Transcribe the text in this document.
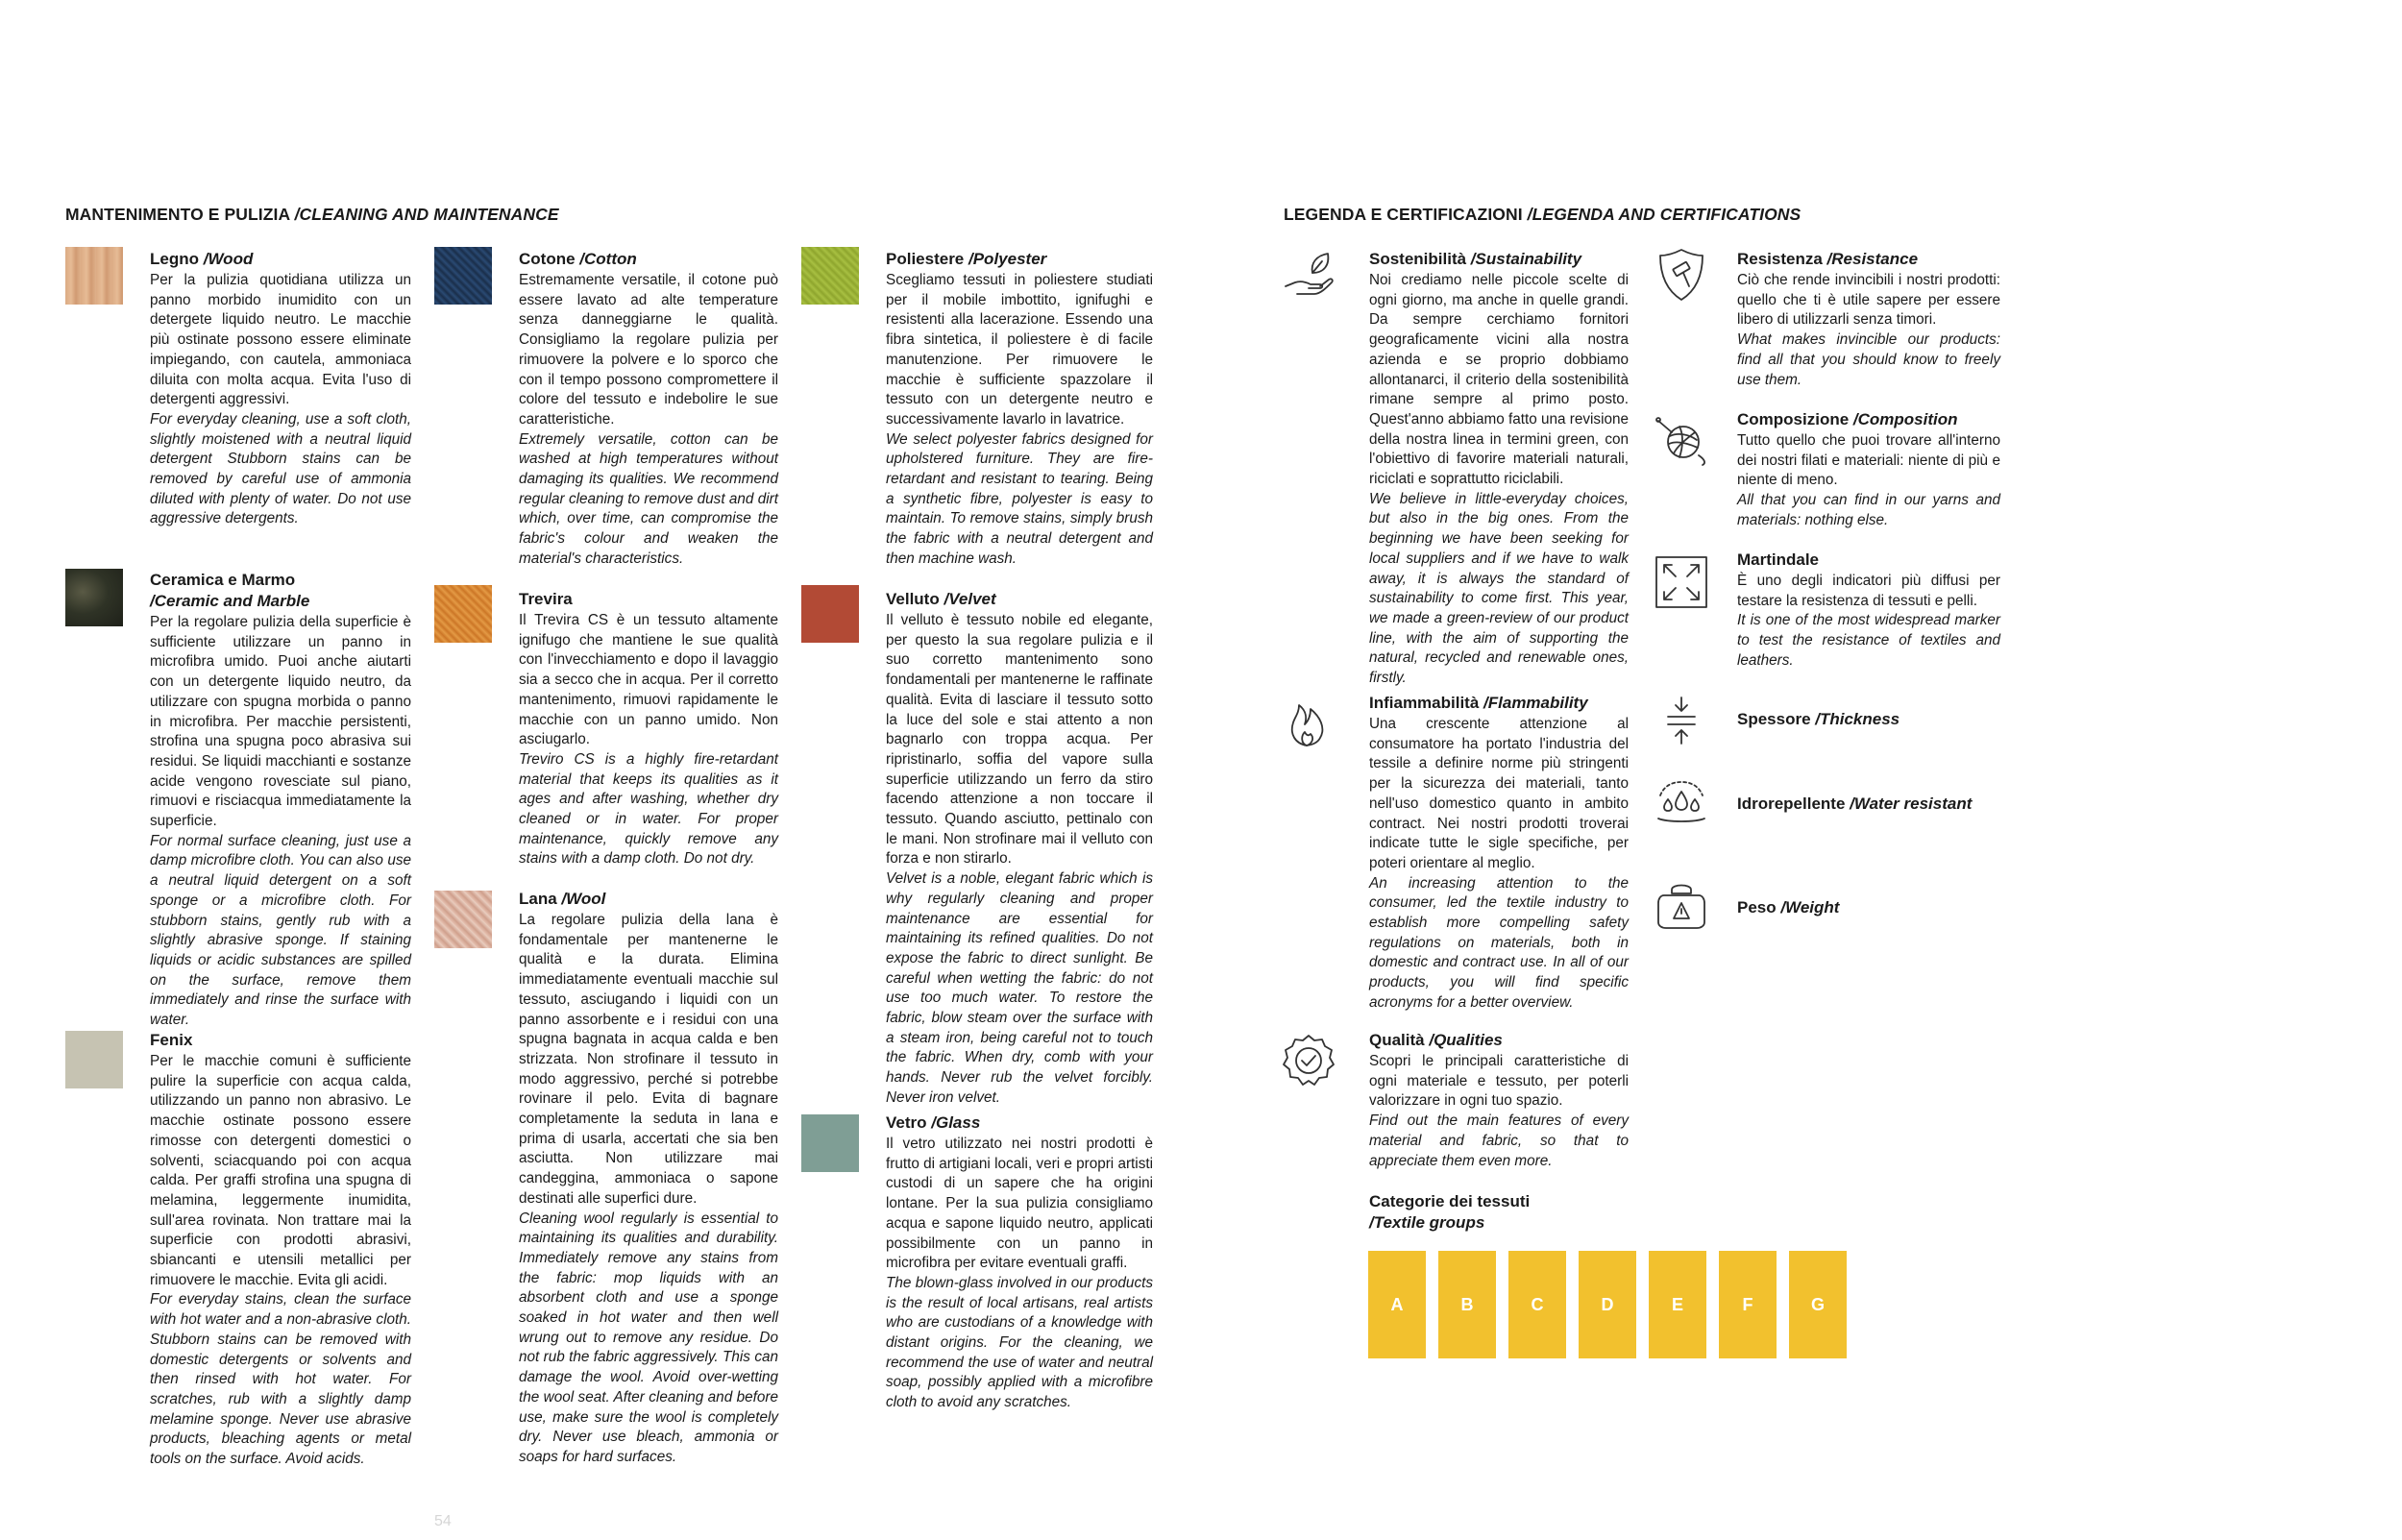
MANTENIMENTO E PULIZIA /CLEANING AND MAINTENANCE	LEGENDA E CERTIFICAZIONI /LEGENDA AND CERTIFICATIONS
Legno /Wood

Per la pulizia quotidiana utilizza un panno morbido inumidito con un detergete liquido neutro. Le macchie più ostinate possono essere eliminate impiegando, con cautela, ammoniaca diluita con molta acqua. Evita l'uso di detergenti aggressivi.

For everyday cleaning, use a soft cloth, slightly moistened with a neutral liquid detergent Stubborn stains can be removed by careful use of ammonia diluted with plenty of water. Do not use aggressive detergents.

Ceramica e Marmo
/Ceramic and Marble

Per la regolare pulizia della superficie è sufficiente utilizzare un panno in microfibra umido. Puoi anche aiutarti con un detergente liquido neutro, da utilizzare con spugna morbida o panno in microfibra. Per macchie persistenti, strofina una spugna poco abrasiva sui residui. Se liquidi macchianti e sostanze acide vengono rovesciate sul piano, rimuovi e risciacqua immediatamente la superficie.

For normal surface cleaning, just use a damp microfibre cloth. You can also use a neutral liquid detergent on a soft sponge or a microfibre cloth. For stubborn stains, gently rub with a slightly abrasive sponge. If staining liquids or acidic substances are spilled on the surface, remove them immediately and rinse the surface with water.

Fenix

Per le macchie comuni è sufficiente pulire la superficie con acqua calda, utilizzando un panno non abrasivo. Le macchie ostinate possono essere rimosse con detergenti domestici o solventi, sciacquando poi con acqua calda. Per graffi strofina una spugna di melamina, leggermente inumidita, sull'area rovinata. Non trattare mai la superficie con prodotti abrasivi, sbiancanti e utensili metallici per rimuovere le macchie. Evita gli acidi.

For everyday stains, clean the surface with hot water and a non-abrasive cloth. Stubborn stains can be removed with domestic detergents or solvents and then rinsed with hot water. For scratches, rub with a slightly damp melamine sponge. Never use abrasive products, bleaching agents or metal tools on the surface. Avoid acids.

Cotone /Cotton

Estremamente versatile, il cotone può essere lavato ad alte temperature senza danneggiarne le qualità. Consigliamo la regolare pulizia per rimuovere la polvere e lo sporco che con il tempo possono compromettere il colore del tessuto e indebolire le sue caratteristiche.

Extremely versatile, cotton can be washed at high temperatures without damaging its qualities. We recommend regular cleaning to remove dust and dirt which, over time, can compromise the fabric's colour and weaken the material's characteristics.

Trevira

Il Trevira CS è un tessuto altamente ignifugo che mantiene le sue qualità con l'invecchiamento e dopo il lavaggio sia a secco che in acqua. Per il corretto mantenimento, rimuovi rapidamente le macchie con un panno umido. Non asciugarlo.

Treviro CS is a highly fire-retardant material that keeps its qualities as it ages and after washing, whether dry cleaned or in water. For proper maintenance, quickly remove any stains with a damp cloth. Do not dry.

Lana /Wool

La regolare pulizia della lana è fondamentale per mantenerne le qualità e la durata. Elimina immediatamente eventuali macchie sul tessuto, asciugando i liquidi con un panno assorbente e i residui con una spugna bagnata in acqua calda e ben strizzata. Non strofinare il tessuto in modo aggressivo, perché si potrebbe rovinare il pelo. Evita di bagnare completamente la seduta in lana e prima di usarla, accertati che sia ben asciutta. Non utilizzare mai candeggina, ammoniaca o sapone destinati alle superfici dure.

Cleaning wool regularly is essential to maintaining its qualities and durability. Immediately remove any stains from the fabric: mop liquids with an absorbent cloth and use a sponge soaked in hot water and then well wrung out to remove any residue. Do not rub the fabric aggressively. This can damage the wool. Avoid over-wetting the wool seat. After cleaning and before use, make sure the wool is completely dry. Never use bleach, ammonia or soaps for hard surfaces.

Poliestere /Polyester

Scegliamo tessuti in poliestere studiati per il mobile imbottito, ignifughi e resistenti alla lacerazione. Essendo una fibra sintetica, il poliestere è di facile manutenzione. Per rimuovere le macchie è sufficiente spazzolare il tessuto con un detergente neutro e successivamente lavarlo in lavatrice.

We select polyester fabrics designed for upholstered furniture. They are fire-retardant and resistant to tearing. Being a synthetic fibre, polyester is easy to maintain. To remove stains, simply brush the fabric with a neutral detergent and then machine wash.

Velluto /Velvet

Il velluto è tessuto nobile ed elegante, per questo la sua regolare pulizia e il suo corretto mantenimento sono fondamentali per mantenerne le raffinate qualità. Evita di lasciare il tessuto sotto la luce del sole e stai attento a non bagnarlo con troppa acqua. Per ripristinarlo, soffia del vapore sulla superficie utilizzando un ferro da stiro facendo attenzione a non toccare il tessuto. Quando asciutto, pettinalo con le mani. Non strofinare mai il velluto con forza e non stirarlo.

Velvet is a noble, elegant fabric which is why regularly cleaning and proper maintenance are essential for maintaining its refined qualities. Do not expose the fabric to direct sunlight. Be careful when wetting the fabric: do not use too much water. To restore the fabric, blow steam over the surface with a steam iron, being careful not to touch the fabric. When dry, comb with your hands. Never rub the velvet forcibly. Never iron velvet.

Vetro /Glass

Il vetro utilizzato nei nostri prodotti è frutto di artigiani locali, veri e propri artisti custodi di un sapere che ha origini lontane. Per la sua pulizia consigliamo acqua e sapone liquido neutro, applicati possibilmente con un panno in microfibra per evitare eventuali graffi.

The blown-glass involved in our products is the result of local artisans, real artists who are custodians of a knowledge with distant origins. For the cleaning, we recommend the use of water and neutral soap, possibly applied with a microfibre cloth to avoid any scratches.

Sostenibilità /Sustainability

Noi crediamo nelle piccole scelte di ogni giorno, ma anche in quelle grandi. Da sempre cerchiamo fornitori geograficamente vicini alla nostra azienda e se proprio dobbiamo allontanarci, il criterio della sostenibilità rimane sempre al primo posto. Quest'anno abbiamo fatto una revisione della nostra linea in termini green, con l'obiettivo di favorire materiali naturali, riciclati e soprattutto riciclabili.

We believe in little-everyday choices, but also in the big ones. From the beginning we have been seeking for local suppliers and if we have to walk away, it is always the standard of sustainability to come first. This year, we made a green-review of our product line, with the aim of supporting the natural, recycled and renewable ones, firstly.

Infiammabilità /Flammability

Una crescente attenzione al consumatore ha portato l'industria del tessile a definire norme più stringenti per la sicurezza dei materiali, tanto nell'uso domestico quanto in ambito contract. Nei nostri prodotti troverai indicate tutte le sigle specifiche, per poteri orientare al meglio.

An increasing attention to the consumer, led the textile industry to establish more compelling safety regulations on materials, both in domestic and contract use. In all of our products, you will find specific acronyms for a better overview.

Qualità /Qualities

Scopri le principali caratteristiche di ogni materiale e tessuto, per poterli valorizzare in ogni tuo spazio.

Find out the main features of every material and fabric, so that to appreciate them even more.

Categorie dei tessuti
/Textile groups
A	B	C	D	E	F	G
Resistenza /Resistance

Ciò che rende invincibili i nostri prodotti: quello che ti è utile sapere per essere libero di utilizzarli senza timori.

What makes invincible our products: find all that you should know to freely use them.

Composizione /Composition

Tutto quello che puoi trovare all'interno dei nostri filati e materiali: niente di più e niente di meno.

All that you can find in our yarns and materials: nothing else.

Martindale

È uno degli indicatori più diffusi per testare la resistenza di tessuti e pelli.

It is one of the most widespread marker to test the resistance of textiles and leathers.

Spessore /Thickness
Idrorepellente /Water resistant
Peso /Weight
54
